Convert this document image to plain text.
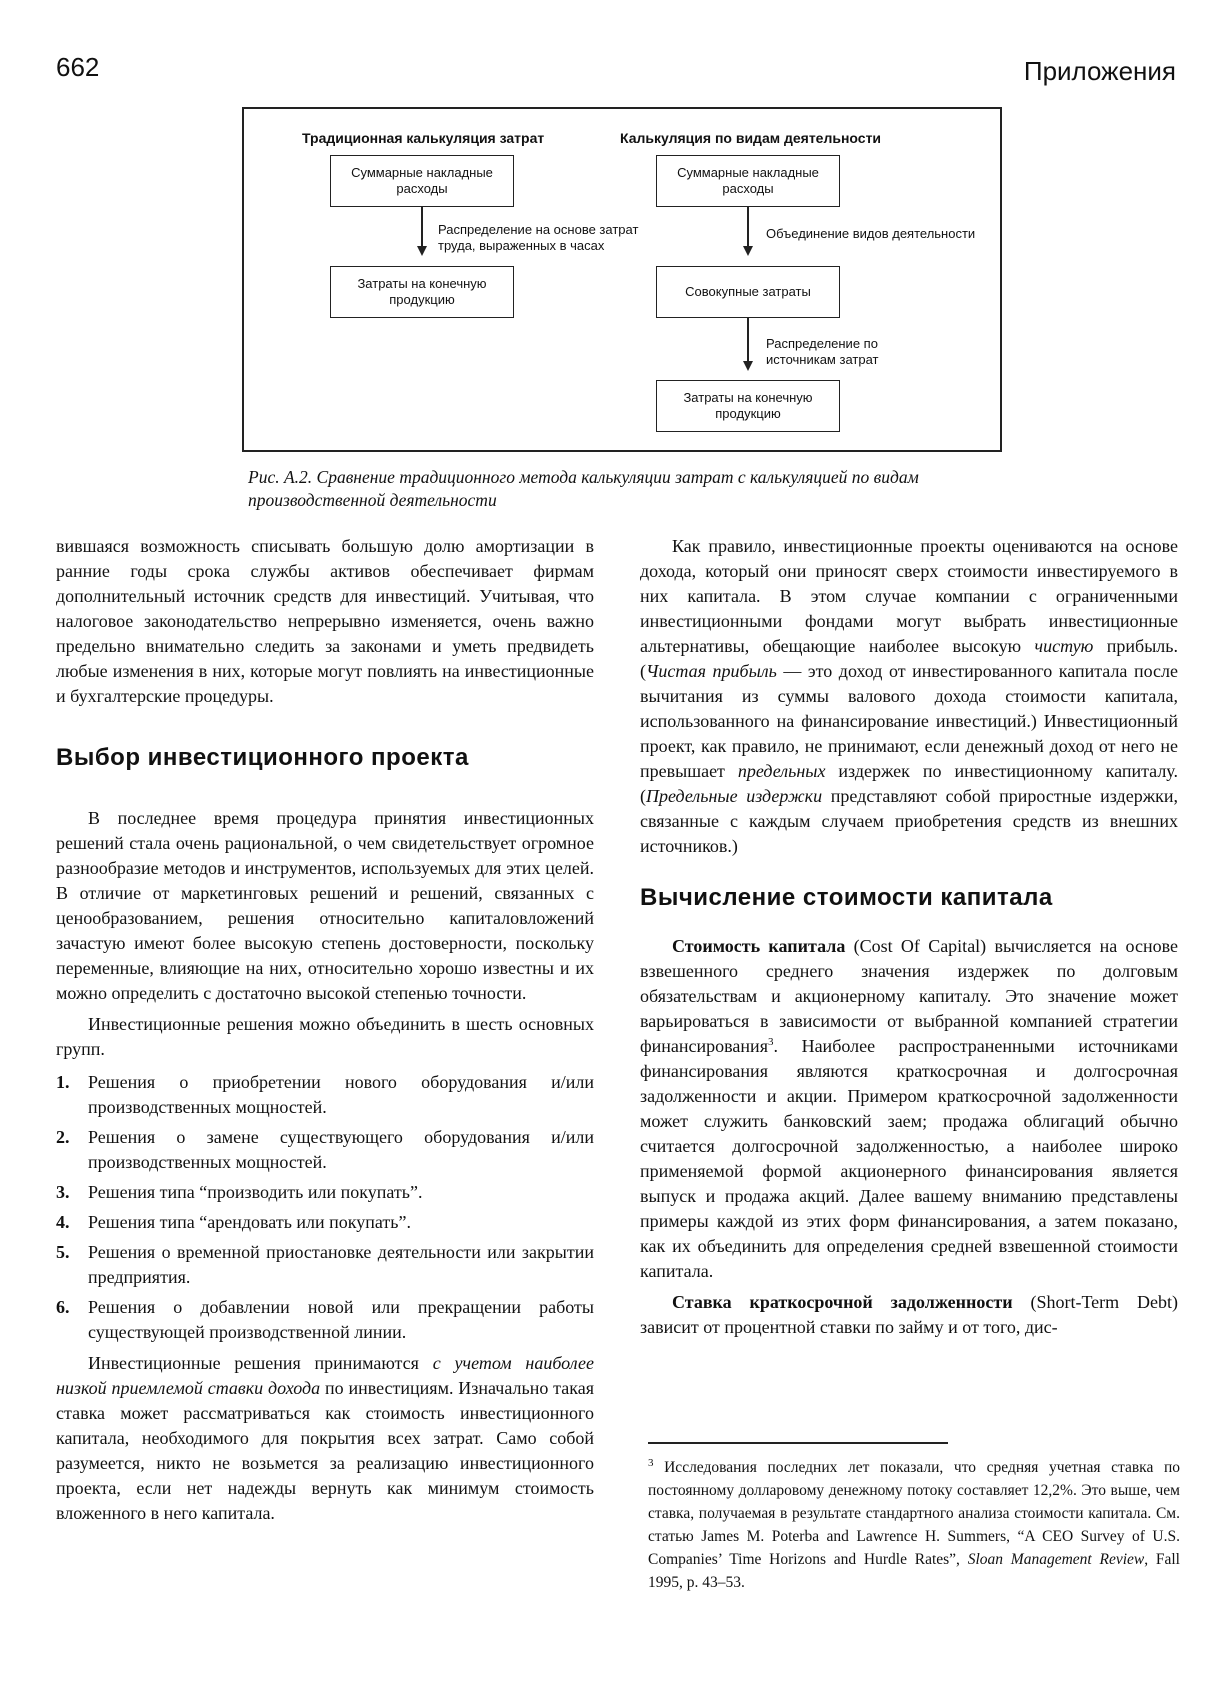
662	Приложения
Традиционная калькуляция затрат
Суммарные накладные расходы
Распределение на основе затрат труда, выраженных в часах
Затраты на конечную продукцию
Калькуляция по видам деятельности
Суммарные накладные расходы
Объединение видов деятельности
Совокупные затраты
Распределение по источникам затрат
Затраты на конечную продукцию
Рис. А.2. Сравнение традиционного метода калькуляции затрат с калькуляцией по видам производственной деятельности

вившаяся возможность списывать большую долю амортизации в ранние годы срока службы активов обеспечивает фирмам дополнительный источник средств для инвестиций. Учитывая, что налоговое законодательство непрерывно изменяется, очень важно предельно внимательно следить за законами и уметь предвидеть любые изменения в них, которые могут повлиять на инвестиционные и бухгалтерские процедуры.

Выбор инвестиционного проекта

В последнее время процедура принятия инвестиционных решений стала очень рациональной, о чем свидетельствует огромное разнообразие методов и инструментов, используемых для этих целей. В отличие от маркетинговых решений и решений, связанных с ценообразованием, решения относительно капиталовложений зачастую имеют более высокую степень достоверности, поскольку переменные, влияющие на них, относительно хорошо известны и их можно определить с достаточно высокой степенью точности.

Инвестиционные решения можно объединить в шесть основных групп.

1. Решения о приобретении нового оборудования и/или производственных мощностей.
2. Решения о замене существующего оборудования и/или производственных мощностей.
3. Решения типа “производить или покупать”.
4. Решения типа “арендовать или покупать”.
5. Решения о временной приостановке деятельности или закрытии предприятия.
6. Решения о добавлении новой или прекращении работы существующей производственной линии.

Инвестиционные решения принимаются с учетом наиболее низкой приемлемой ставки дохода по инвестициям. Изначально такая ставка может рассматриваться как стоимость инвестиционного капитала, необходимого для покрытия всех затрат. Само собой разумеется, никто не возьмется за реализацию инвестиционного проекта, если нет надежды вернуть как минимум стоимость вложенного в него капитала.

Как правило, инвестиционные проекты оцениваются на основе дохода, который они приносят сверх стоимости инвестируемого в них капитала. В этом случае компании с ограниченными инвестиционными фондами могут выбрать инвестиционные альтернативы, обещающие наиболее высокую чистую прибыль. (Чистая прибыль — это доход от инвестированного капитала после вычитания из суммы валового дохода стоимости капитала, использованного на финансирование инвестиций.) Инвестиционный проект, как правило, не принимают, если денежный доход от него не превышает предельных издержек по инвестиционному капиталу. (Предельные издержки представляют собой приростные издержки, связанные с каждым случаем приобретения средств из внешних источников.)

Вычисление стоимости капитала

Стоимость капитала (Cost Of Capital) вычисляется на основе взвешенного среднего значения издержек по долговым обязательствам и акционерному капиталу. Это значение может варьироваться в зависимости от выбранной компанией стратегии финансирования$^3$. Наиболее распространенными источниками финансирования являются краткосрочная и долгосрочная задолженности и акции. Примером краткосрочной задолженности может служить банковский заем; продажа облигаций обычно считается долгосрочной задолженностью, а наиболее широко применяемой формой акционерного финансирования является выпуск и продажа акций. Далее вашему вниманию представлены примеры каждой из этих форм финансирования, а затем показано, как их объединить для определения средней взвешенной стоимости капитала.

Ставка краткосрочной задолженности (Short-Term Debt) зависит от процентной ставки по займу и от того, дис-

$^3$ Исследования последних лет показали, что средняя учетная ставка по постоянному долларовому денежному потоку составляет 12,2%. Это выше, чем ставка, получаемая в результате стандартного анализа стоимости капитала. См. статью James M. Poterba and Lawrence H. Summers, “A CEO Survey of U.S. Companies’ Time Horizons and Hurdle Rates”, Sloan Management Review, Fall 1995, p. 43–53.
